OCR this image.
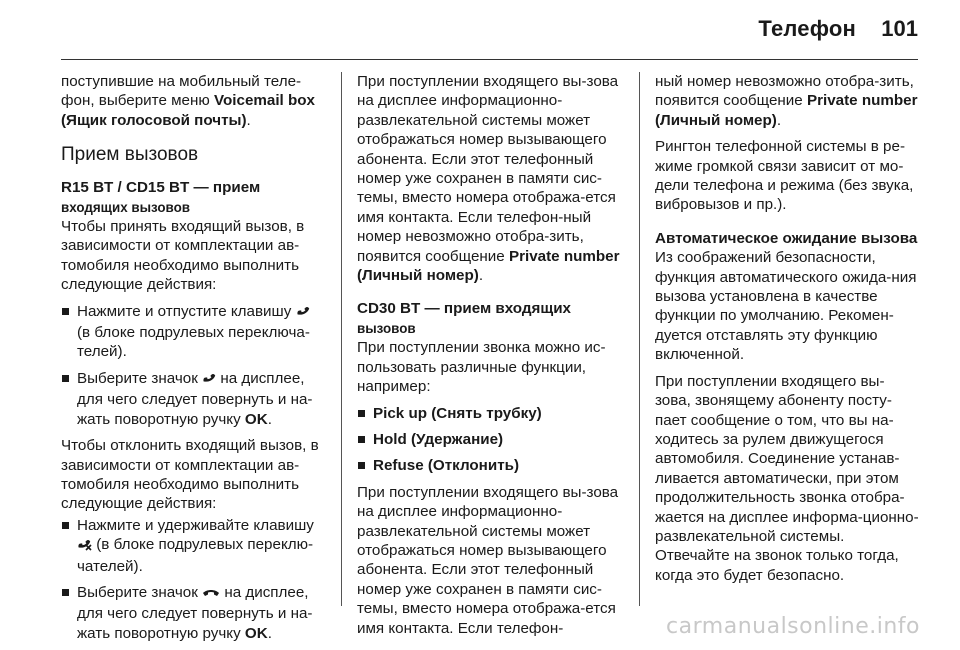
Телефон 101

поступившие на мобильный теле-фон, выберите меню Voicemail box (Ящик голосовой почты).

Прием вызовов
R15 BT / CD15 BT — прием
входящих вызовов

Чтобы принять входящий вызов, в зависимости от комплектации ав-томобиля необходимо выполнить следующие действия:

Нажмите и отпустите клавишу  (в блоке подрулевых переключа-телей).
Выберите значок  на дисплее, для чего следует повернуть и на-жать поворотную ручку OK.

Чтобы отклонить входящий вызов, в зависимости от комплектации ав-томобиля необходимо выполнить следующие действия:

Нажмите и удерживайте клавишу  (в блоке подрулевых переклю-чателей).
Выберите значок  на дисплее, для чего следует повернуть и на-жать поворотную ручку OK.

При поступлении входящего вы-зова на дисплее информационно-развлекательной системы может отображаться номер вызывающего абонента. Если этот телефонный номер уже сохранен в памяти сис-темы, вместо номера отобража-ется имя контакта. Если телефон-ный номер невозможно отобра-зить, появится сообщение Private number (Личный номер).

CD30 BT — прием входящих
вызовов

При поступлении звонка можно ис-пользовать различные функции, например:

Pick up (Снять трубку)
Hold (Удержание)
Refuse (Отклонить)

При поступлении входящего вы-зова на дисплее информационно-развлекательной системы может отображаться номер вызывающего абонента. Если этот телефонный номер уже сохранен в памяти сис-темы, вместо номера отобража-ется имя контакта. Если телефон-

ный номер невозможно отобра-зить, появится сообщение Private number (Личный номер).

Рингтон телефонной системы в ре-жиме громкой связи зависит от мо-дели телефона и режима (без звука, вибровызов и пр.).

Автоматическое ожидание вызова

Из соображений безопасности, функция автоматического ожида-ния вызова установлена в качестве функции по умолчанию. Рекомен-дуется отставлять эту функцию включенной.

При поступлении входящего вы-зова, звонящему абоненту посту-пает сообщение о том, что вы на-ходитесь за рулем движущегося автомобиля. Соединение устанав-ливается автоматически, при этом продолжительность звонка отобра-жается на дисплее информа-ционно-развлекательной системы. Отвечайте на звонок только тогда, когда это будет безопасно.

carmanualsonline.info
